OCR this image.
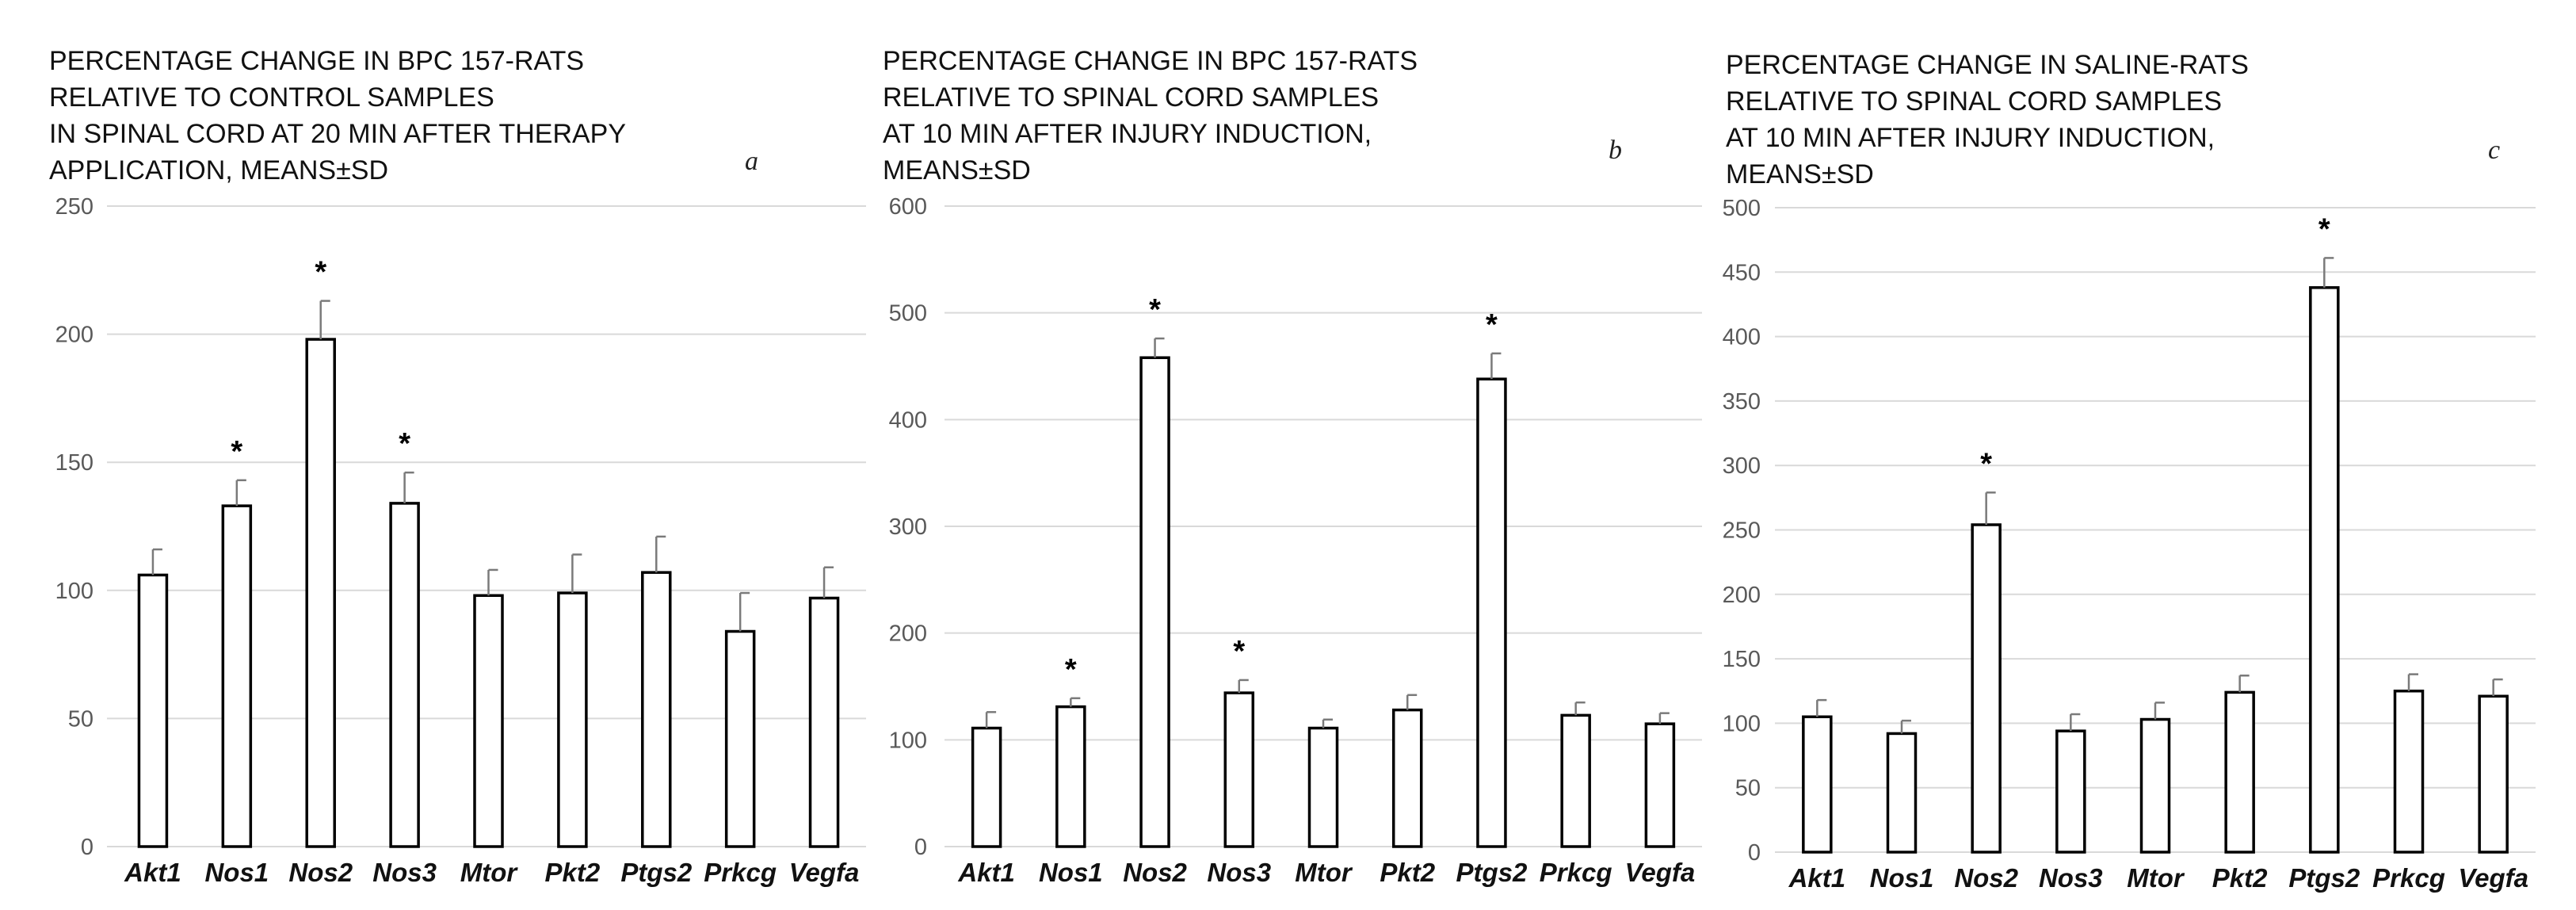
PERCENTAGE CHANGE IN BPC 157-RATS
RELATIVE TO CONTROL SAMPLES
IN SPINAL CORD AT 20 MIN AFTER THERAPY
APPLICATION, MEANS±SD	a
0
50
100
150
200
250
Akt1
*
Nos1
*
Nos2
*
Nos3 Mtor Pkt2 Ptgs2 Prkcg Vegfa
PERCENTAGE CHANGE IN BPC 157-RATS
RELATIVE TO SPINAL CORD SAMPLES
AT 10 MIN AFTER INJURY INDUCTION,
MEANS±SD
b
0
100
200
300
400
500
600
Akt1
*
Nos1
*
Nos2
*
Nos3 Mtor Pkt2
*
Ptgs2 Prkcg Vegfa
PERCENTAGE CHANGE IN SALINE-RATS
RELATIVE TO SPINAL CORD SAMPLES
AT 10 MIN AFTER INJURY INDUCTION,
MEANS±SD
c
0
50
100
150
200
250
300
350
400
450
500
Akt1 Nos1
*
Nos2 Nos3 Mtor Pkt2
*
Ptgs2 Prkcg Vegfa
